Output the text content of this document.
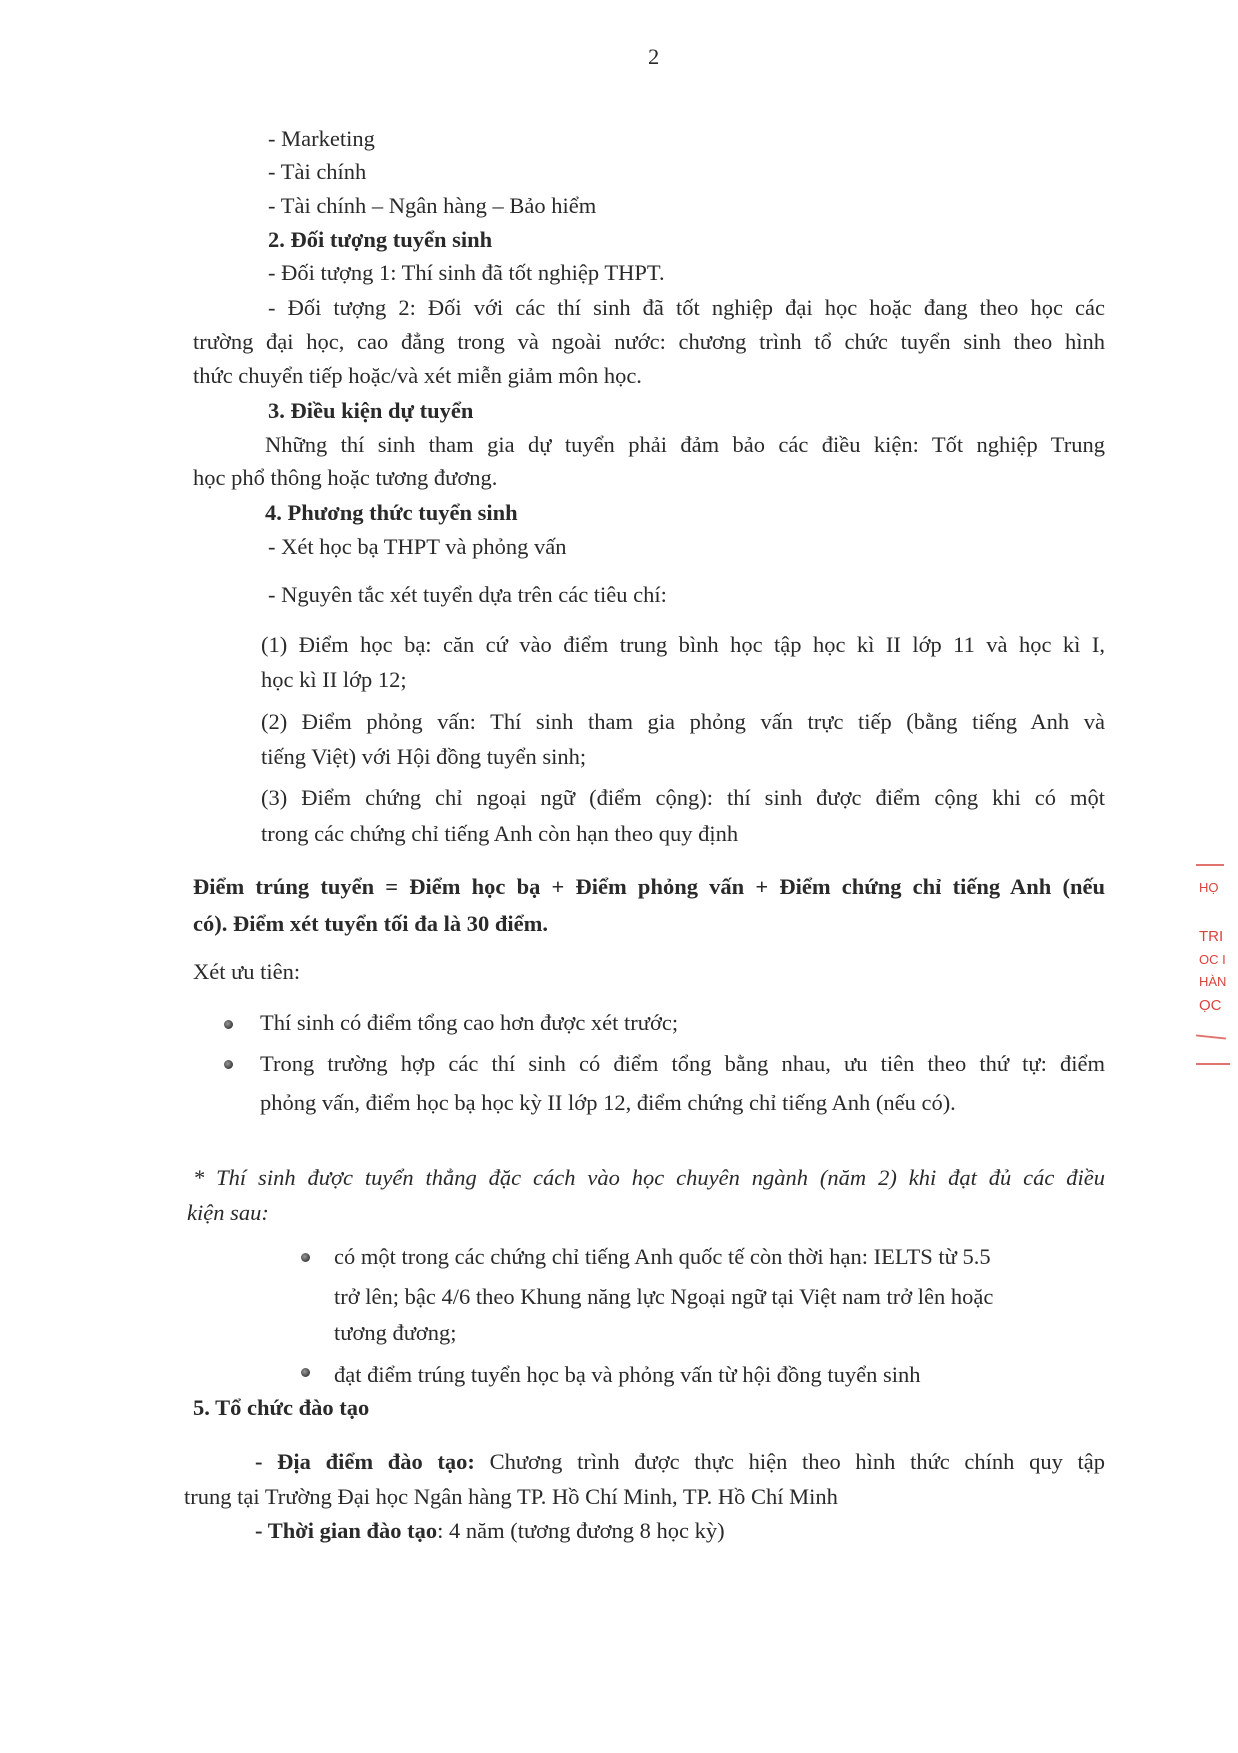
2
- Marketing
- Tài chính
- Tài chính – Ngân hàng – Bảo hiểm
2. Đối tượng tuyển sinh
- Đối tượng 1: Thí sinh đã tốt nghiệp THPT.
- Đối tượng 2: Đối với các thí sinh đã tốt nghiệp đại học hoặc đang theo học các
trường đại học, cao đẳng trong và ngoài nước: chương trình tổ chức tuyển sinh theo hình
thức chuyển tiếp hoặc/và xét miễn giảm môn học.
3. Điều kiện dự tuyển
Những thí sinh tham gia dự tuyển phải đảm bảo các điều kiện: Tốt nghiệp Trung
học phổ thông hoặc tương đương.
4. Phương thức tuyển sinh
- Xét học bạ THPT và phỏng vấn
- Nguyên tắc xét tuyển dựa trên các tiêu chí:
(1) Điểm học bạ: căn cứ vào điểm trung bình học tập học kì II lớp 11 và học kì I,
học kì II lớp 12;
(2) Điểm phỏng vấn: Thí sinh tham gia phỏng vấn trực tiếp (bằng tiếng Anh và
tiếng Việt) với Hội đồng tuyển sinh;
(3) Điểm chứng chỉ ngoại ngữ (điểm cộng): thí sinh được điểm cộng khi có một
trong các chứng chỉ tiếng Anh còn hạn theo quy định
Điểm trúng tuyển = Điểm học bạ + Điểm phỏng vấn + Điểm chứng chỉ tiếng Anh (nếu
có). Điểm xét tuyển tối đa là 30 điểm.
Xét ưu tiên:
Thí sinh có điểm tổng cao hơn được xét trước;
Trong trường hợp các thí sinh có điểm tổng bằng nhau, ưu tiên theo thứ tự: điểm
phỏng vấn, điểm học bạ học kỳ II lớp 12, điểm chứng chỉ tiếng Anh (nếu có).
* Thí sinh được tuyển thẳng đặc cách vào học chuyên ngành (năm 2) khi đạt đủ các điều
kiện sau:
có một trong các chứng chỉ tiếng Anh quốc tế còn thời hạn: IELTS từ 5.5
trở lên; bậc 4/6 theo Khung năng lực Ngoại ngữ tại Việt nam trở lên hoặc
tương đương;
đạt điểm trúng tuyển học bạ và phỏng vấn từ hội đồng tuyển sinh
5. Tổ chức đào tạo
- Địa điểm đào tạo: Chương trình được thực hiện theo hình thức chính quy tập
trung tại Trường Đại học Ngân hàng TP. Hồ Chí Minh, TP. Hồ Chí Minh
- Thời gian đào tạo: 4 năm (tương đương 8 học kỳ)
HỌ
TRI
OC I
HÀN
ỌC
